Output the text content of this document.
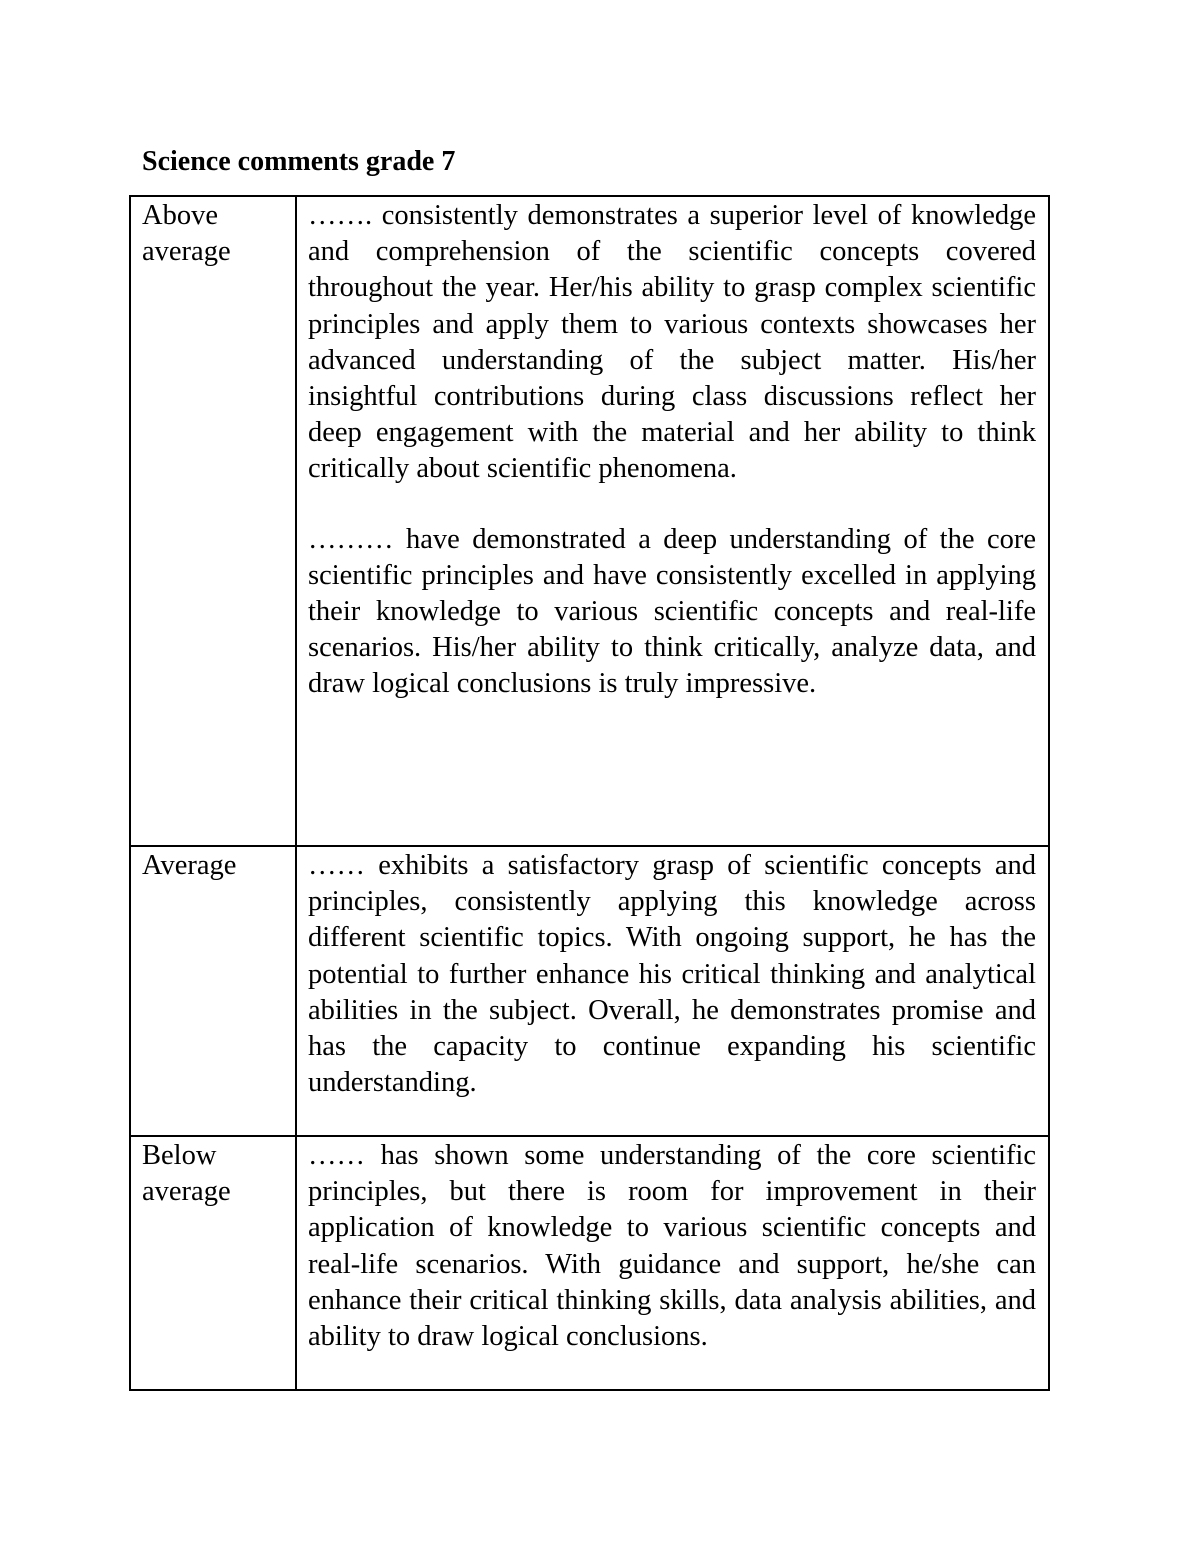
Science comments grade 7
Above average	……. consistently demonstrates a superior level of knowledge and comprehension of the scientific concepts covered throughout the year. Her/his ability to grasp complex scientific principles and apply them to various contexts showcases her advanced understanding of the subject matter. His/her insightful contributions during class discussions reflect her deep engagement with the material and her ability to think critically about scientific phenomena.

……… have demonstrated a deep understanding of the core scientific principles and have consistently excelled in applying their knowledge to various scientific concepts and real-life scenarios. His/her ability to think critically, analyze data, and draw logical conclusions is truly impressive.

Average	…… exhibits a satisfactory grasp of scientific concepts and principles, consistently applying this knowledge across different scientific topics. With ongoing support, he has the potential to further enhance his critical thinking and analytical abilities in the subject. Overall, he demonstrates promise and has the capacity to continue expanding his scientific understanding.

Below average	…… has shown some understanding of the core scientific principles, but there is room for improvement in their application of knowledge to various scientific concepts and real-life scenarios. With guidance and support, he/she can enhance their critical thinking skills, data analysis abilities, and ability to draw logical conclusions.
